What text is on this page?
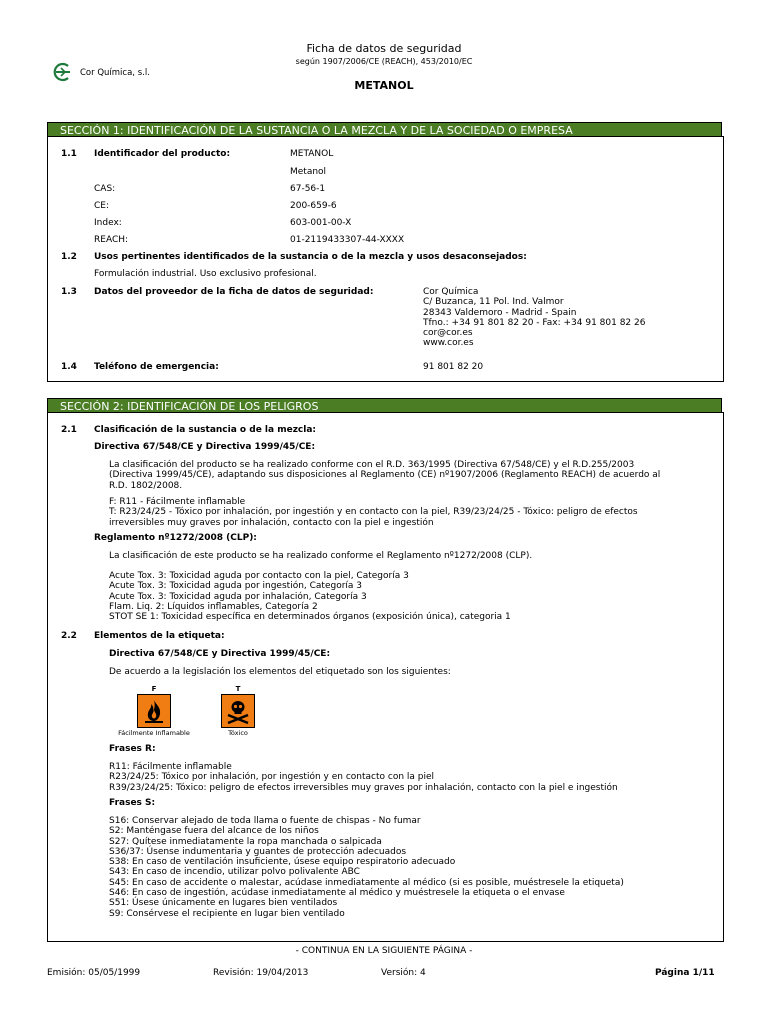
Ficha de datos de seguridad
según 1907/2006/CE (REACH), 453/2010/EC
METANOL
Cor Química, s.l.
SECCIÓN 1: IDENTIFICACIÓN DE LA SUSTANCIA O LA MEZCLA Y DE LA SOCIEDAD O EMPRESA
1.1 Identificador del producto:	METANOL
Metanol
CAS:	67-56-1
CE:	200-659-6
Index:	603-001-00-X
REACH:	01-2119433307-44-XXXX
1.2 Usos pertinentes identificados de la sustancia o de la mezcla y usos desaconsejados:
Formulación industrial. Uso exclusivo profesional.
1.3 Datos del proveedor de la ficha de datos de seguridad:	Cor Química
C/ Buzanca, 11 Pol. Ind. Valmor
28343 Valdemoro - Madrid - Spain
Tfno.: +34 91 801 82 20 - Fax: +34 91 801 82 26
cor@cor.es
www.cor.es
1.4 Teléfono de emergencia:	91 801 82 20
SECCIÓN 2: IDENTIFICACIÓN DE LOS PELIGROS
2.1 Clasificación de la sustancia o de la mezcla:
Directiva 67/548/CE y Directiva 1999/45/CE:
La clasificación del producto se ha realizado conforme con el R.D. 363/1995 (Directiva 67/548/CE) y el R.D.255/2003
(Directiva 1999/45/CE), adaptando sus disposiciones al Reglamento (CE) nº1907/2006 (Reglamento REACH) de acuerdo al
R.D. 1802/2008.
F: R11 - Fácilmente inflamable
T: R23/24/25 - Tóxico por inhalación, por ingestión y en contacto con la piel, R39/23/24/25 - Tóxico: peligro de efectos
irreversibles muy graves por inhalación, contacto con la piel e ingestión
Reglamento nº1272/2008 (CLP):
La clasificación de este producto se ha realizado conforme el Reglamento nº1272/2008 (CLP).
Acute Tox. 3: Toxicidad aguda por contacto con la piel, Categoría 3
Acute Tox. 3: Toxicidad aguda por ingestión, Categoría 3
Acute Tox. 3: Toxicidad aguda por inhalación, Categoría 3
Flam. Liq. 2: Líquidos inflamables, Categoría 2
STOT SE 1: Toxicidad específica en determinados órganos (exposición única), categoria 1
2.2 Elementos de la etiqueta:
Directiva 67/548/CE y Directiva 1999/45/CE:
De acuerdo a la legislación los elementos del etiquetado son los siguientes:
F
Fácilmente Inflamable
T
Tóxico
Frases R:
R11: Fácilmente inflamable
R23/24/25: Tóxico por inhalación, por ingestión y en contacto con la piel
R39/23/24/25: Tóxico: peligro de efectos irreversibles muy graves por inhalación, contacto con la piel e ingestión
Frases S:
S16: Conservar alejado de toda llama o fuente de chispas - No fumar
S2: Manténgase fuera del alcance de los niños
S27: Quítese inmediatamente la ropa manchada o salpicada
S36/37: Úsense indumentaria y guantes de protección adecuados
S38: En caso de ventilación insuficiente, úsese equipo respiratorio adecuado
S43: En caso de incendio, utilizar polvo polivalente ABC
S45: En caso de accidente o malestar, acúdase inmediatamente al médico (si es posible, muéstresele la etiqueta)
S46: En caso de ingestión, acúdase inmediatamente al médico y muéstresele la etiqueta o el envase
S51: Úsese únicamente en lugares bien ventilados
S9: Consérvese el recipiente en lugar bien ventilado
- CONTINUA EN LA SIGUIENTE PÁGINA -
Emisión: 05/05/1999	Revisión: 19/04/2013	Versión: 4	Página 1/11
